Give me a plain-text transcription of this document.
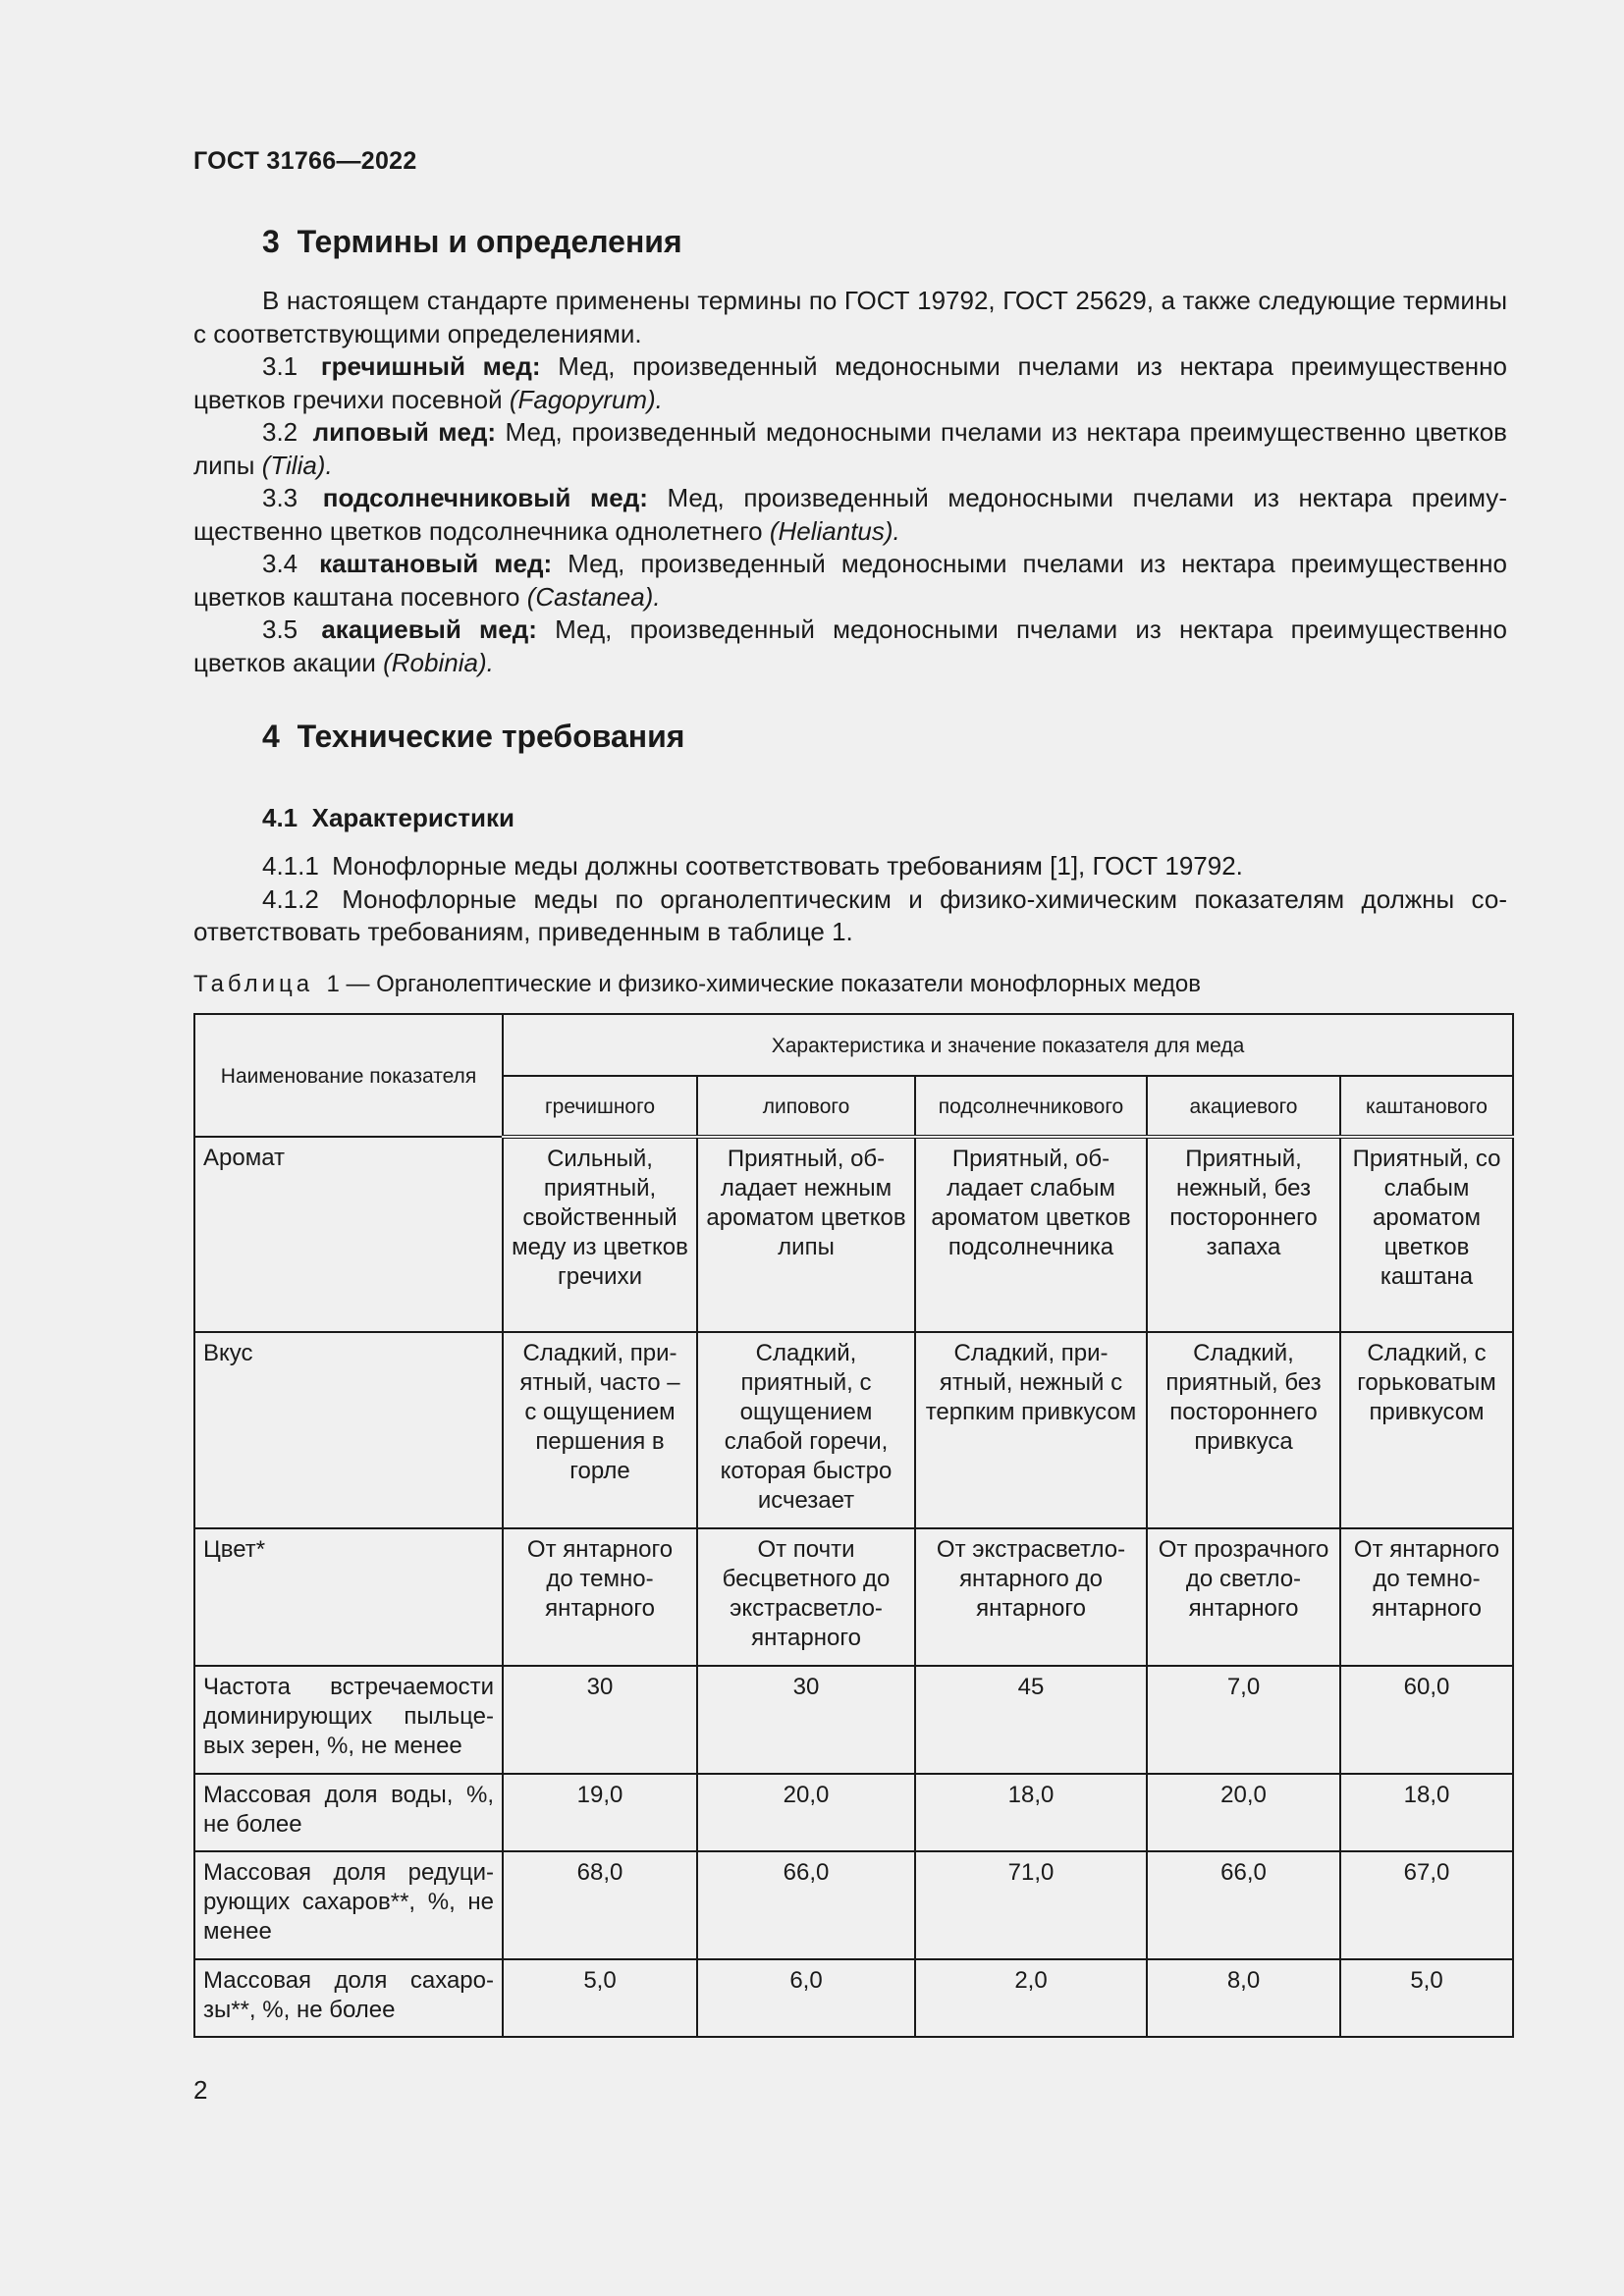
ГОСТ 31766—2022
3 Термины и определения

В настоящем стандарте применены термины по ГОСТ 19792, ГОСТ 25629, а также следующие термины с соответствующими определениями.

3.1 гречишный мед: Мед, произведенный медоносными пчелами из нектара преимущественно цветков гречихи посевной (Fagopyrum).

3.2 липовый мед: Мед, произведенный медоносными пчелами из нектара преимущественно цветков липы (Tilia).

3.3 подсолнечниковый мед: Мед, произведенный медоносными пчелами из нектара преимущественно цветков подсолнечника однолетнего (Heliantus).

3.4 каштановый мед: Мед, произведенный медоносными пчелами из нектара преимущественно цветков каштана посевного (Castanea).

3.5 акациевый мед: Мед, произведенный медоносными пчелами из нектара преимущественно цветков акации (Robinia).

4 Технические требования
4.1 Характеристики

4.1.1 Монофлорные меды должны соответствовать требованиям [1], ГОСТ 19792.

4.1.2 Монофлорные меды по органолептическим и физико-химическим показателям должны соответствовать требованиям, приведенным в таблице 1.

Таблица 1 — Органолептические и физико-химические показатели монофлорных медов
Наименование показателя	Характеристика и значение показателя для меда				
	гречишного	липового	подсолнечникового	акациевого	каштанового
Аромат	Сильный, приятный, свойственный меду из цветков гречихи	Приятный, обладает нежным ароматом цветков липы	Приятный, обладает слабым ароматом цветков подсолнечника	Приятный, нежный, без постороннего запаха	Приятный, со слабым ароматом цветков каштана
Вкус	Сладкий, приятный, часто – с ощущением першения в горле	Сладкий, приятный, с ощущением слабой горечи, которая быстро исчезает	Сладкий, приятный, нежный с терпким привкусом	Сладкий, приятный, без постороннего привкуса	Сладкий, с горьковатым привкусом
Цвет*	От янтарного до темно-янтарного	От почти бесцветного до экстрасветло-янтарного	От экстрасветло-янтарного до янтарного	От прозрачного до светло-янтарного	От янтарного до темно-янтарного
Частота встречаемости доминирующих пыльцевых зерен, %, не менее	30	30	45	7,0	60,0
Массовая доля воды, %, не более	19,0	20,0	18,0	20,0	18,0
Массовая доля редуцирующих сахаров**, %, не менее	68,0	66,0	71,0	66,0	67,0
Массовая доля сахарозы**, %, не более	5,0	6,0	2,0	8,0	5,0
2
